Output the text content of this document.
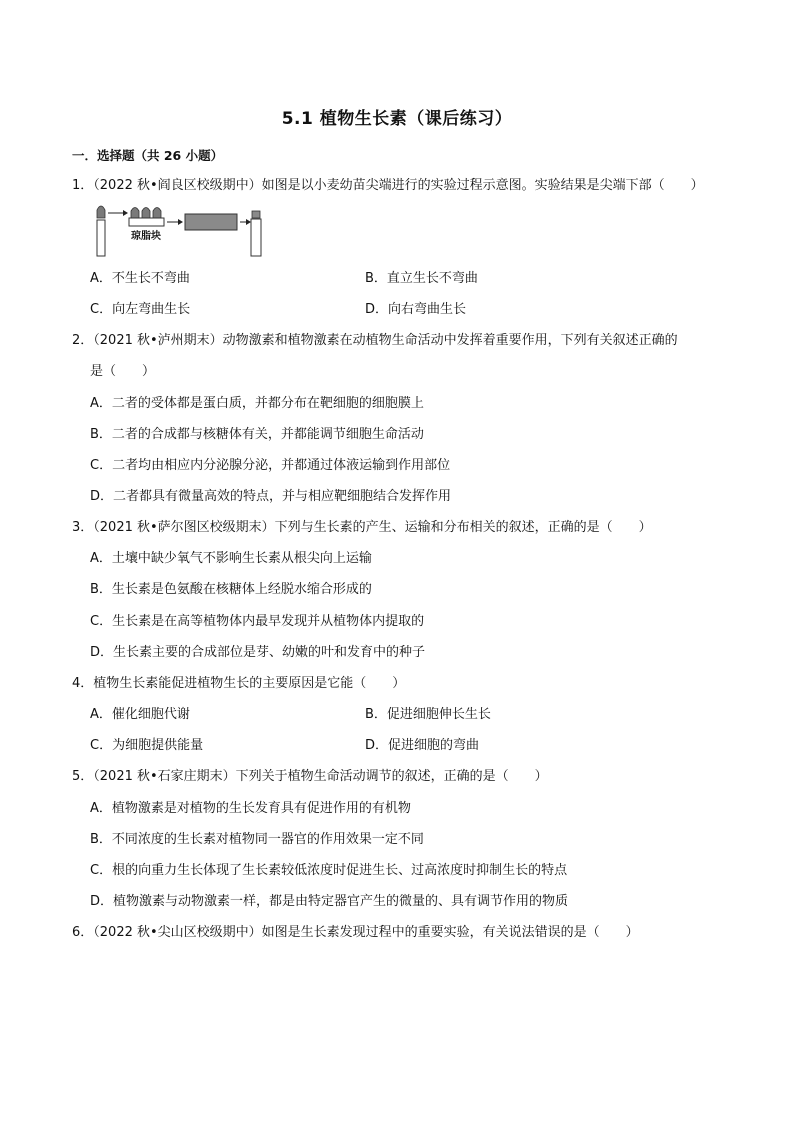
5.1 植物生长素（课后练习）
一．选择题（共 26 小题）
1．（2022 秋•阎良区校级期中）如图是以小麦幼苗尖端进行的实验过程示意图。实验结果是尖端下部（　　）
琼脂块
A．不生长不弯曲	B．直立生长不弯曲
C．向左弯曲生长	D．向右弯曲生长
2．（2021 秋•泸州期末）动物激素和植物激素在动植物生命活动中发挥着重要作用，下列有关叙述正确的
是（　　）
A．二者的受体都是蛋白质，并都分布在靶细胞的细胞膜上
B．二者的合成都与核糖体有关，并都能调节细胞生命活动
C．二者均由相应内分泌腺分泌，并都通过体液运输到作用部位
D．二者都具有微量高效的特点，并与相应靶细胞结合发挥作用
3．（2021 秋•萨尔图区校级期末）下列与生长素的产生、运输和分布相关的叙述，正确的是（　　）
A．土壤中缺少氧气不影响生长素从根尖向上运输
B．生长素是色氨酸在核糖体上经脱水缩合形成的
C．生长素是在高等植物体内最早发现并从植物体内提取的
D．生长素主要的合成部位是芽、幼嫩的叶和发育中的种子
4．植物生长素能促进植物生长的主要原因是它能（　　）
A．催化细胞代谢	B．促进细胞伸长生长
C．为细胞提供能量	D．促进细胞的弯曲
5．（2021 秋•石家庄期末）下列关于植物生命活动调节的叙述，正确的是（　　）
A．植物激素是对植物的生长发育具有促进作用的有机物
B．不同浓度的生长素对植物同一器官的作用效果一定不同
C．根的向重力生长体现了生长素较低浓度时促进生长、过高浓度时抑制生长的特点
D．植物激素与动物激素一样，都是由特定器官产生的微量的、具有调节作用的物质
6．（2022 秋•尖山区校级期中）如图是生长素发现过程中的重要实验，有关说法错误的是（　　）
